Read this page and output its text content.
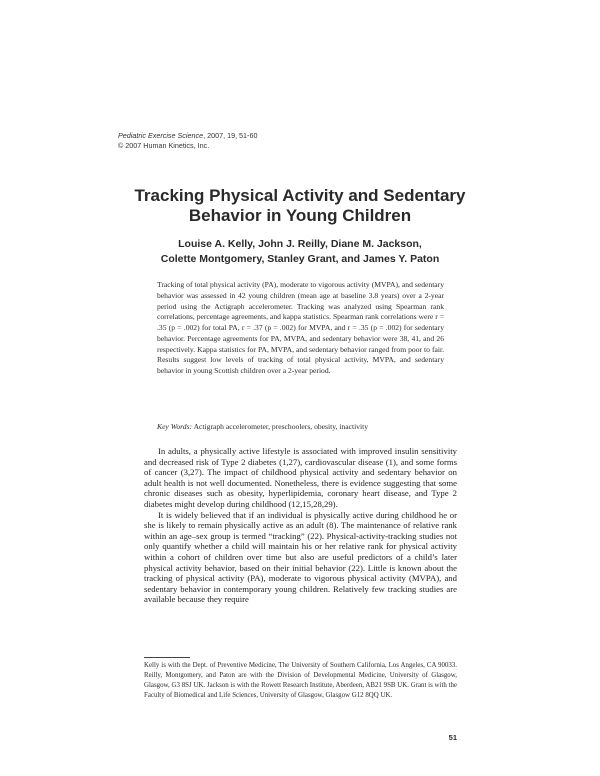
Pediatric Exercise Science, 2007, 19, 51-60
© 2007 Human Kinetics, Inc.
Tracking Physical Activity and Sedentary
Behavior in Young Children
Louise A. Kelly, John J. Reilly, Diane M. Jackson,
Colette Montgomery, Stanley Grant, and James Y. Paton

Tracking of total physical activity (PA), moderate to vigorous activity (MVPA), and sedentary behavior was assessed in 42 young children (mean age at baseline 3.8 years) over a 2-year period using the Actigraph accelerometer. Tracking was analyzed using Spearman rank correlations, percentage agreements, and kappa statistics. Spearman rank correlations were r = .35 (p = .002) for total PA, r = .37 (p = .002) for MVPA, and r = .35 (p = .002) for sedentary behavior. Percentage agreements for PA, MVPA, and sedentary behavior were 38, 41, and 26 respectively. Kappa statistics for PA, MVPA, and sedentary behavior ranged from poor to fair. Results suggest low levels of tracking of total physical activity, MVPA, and sedentary behavior in young Scottish children over a 2-year period.

Key Words: Actigraph accelerometer, preschoolers, obesity, inactivity

In adults, a physically active lifestyle is associated with improved insulin sensitivity and decreased risk of Type 2 diabetes (1,27), cardiovascular disease (1), and some forms of cancer (3,27). The impact of childhood physical activity and sedentary behavior on adult health is not well documented. Nonetheless, there is evidence suggesting that some chronic diseases such as obesity, hyperlipidemia, coronary heart disease, and Type 2 diabetes might develop during childhood (12,15,28,29).

It is widely believed that if an individual is physically active during childhood he or she is likely to remain physically active as an adult (8). The maintenance of relative rank within an age–sex group is termed “tracking” (22). Physical-activity-tracking studies not only quantify whether a child will maintain his or her relative rank for physical activity within a cohort of children over time but also are useful predictors of a child’s later physical activity behavior, based on their initial behavior (22). Little is known about the tracking of physical activity (PA), moderate to vigorous physical activity (MVPA), and sedentary behavior in contemporary young children. Relatively few tracking studies are available because they require

Kelly is with the Dept. of Preventive Medicine, The University of Southern California, Los Angeles, CA 90033. Reilly, Montgomery, and Paton are with the Division of Developmental Medicine, University of Glasgow, Glasgow, G3 8SJ UK. Jackson is with the Rowett Research Institute, Aberdeen, AB21 9SB UK. Grant is with the Faculty of Biomedical and Life Sciences, University of Glasgow, Glasgow G12 8QQ UK.
51
